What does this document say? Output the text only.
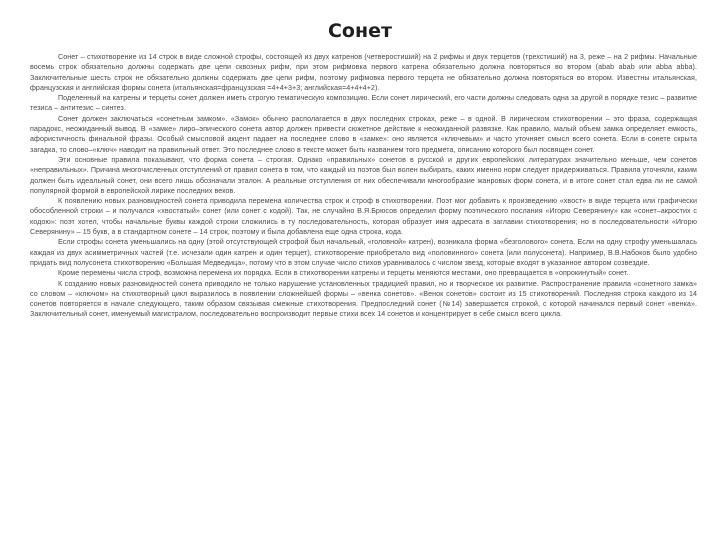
Сонет

Сонет – стихотворение из 14 строк в виде сложной строфы, состоящей из двух катренов (четверостиший) на 2 рифмы и двух терцетов (трехстиший) на 3, реже – на 2 рифмы. Начальные восемь строк обязательно должны содержать две цепи сквозных рифм, при этом рифмовка первого катрена обязательно должна повторяться во втором (abab abab или abba abba). Заключительные шесть строк не обязательно должны содержать две цепи рифм, поэтому рифмовка первого терцета не обязательно должна повторяться во втором. Известны итальянская, французская и английская формы сонета (итальянская=французская =4+4+3+3; английская=4+4+4+2).

Поделенный на катрены и терцеты сонет должен иметь строгую тематическую композицию. Если сонет лирический, его части должны следовать одна за другой в порядке тезис – развитие тезиса – антитезис – синтез.

Сонет должен заключаться «сонетным замком». «Замок» обычно располагается в двух последних строках, реже – в одной. В лирическом стихотворении – это фраза, содержащая парадокс, неожиданный вывод. В «замке» лиро–эпического сонета автор должен привести сюжетное действие к неожиданной развязке. Как правило, малый объем замка определяет емкость, афористичность финальной фразы. Особый смысловой акцент падает на последнее слово в «замке»: оно является «ключевым» и часто уточняет смысл всего сонета. Если в сонете скрыта загадка, то слово–«ключ» наводит на правильный ответ. Это последнее слово в тексте может быть названием того предмета, описанию которого был посвящен сонет.

Эти основные правила показывают, что форма сонета – строгая. Однако «правильных» сонетов в русской и других европейских литературах значительно меньше, чем сонетов «неправильных». Причина многочисленных отступлений от правил сонета в том, что каждый из поэтов был волен выбирать, каких именно норм следует придерживаться. Правила уточняли, каким должен быть идеальный сонет, они всего лишь обозначали эталон. А реальные отступления от них обеспечивали многообразие жанровых форм сонета, и в итоге сонет стал едва ли не самой популярной формой в европейской лирике последних веков.

К появлению новых разновидностей сонета приводила перемена количества строк и строф в стихотворении. Поэт мог добавить к произведению «хвост» в виде терцета или графически обособленной строки – и получался «хвостатый» сонет (или сонет с кодой). Так, не случайно В.Я.Брюсов определил форму поэтического послания «Игорю Северянину» как «сонет–акростих с кодою»: поэт хотел, чтобы начальные буквы каждой строки сложились в ту последовательность, которая образует имя адресата в заглавии стихотворения; но в последовательности «Игорю Северянину» – 15 букв, а в стандартном сонете – 14 строк, поэтому и была добавлена еще одна строка, кода.

Если строфы сонета уменьшались на одну (этой отсутствующей строфой был начальный, «головной» катрен), возникала форма «безголового» сонета. Если на одну строфу уменьшалась каждая из двух асимметричных частей (т.е. исчезали один катрен и один терцет), стихотворение приобретало вид «половинного» сонета (или полусонета). Например, В.В.Набоков было удобно придать вид полусонета стихотворению «Большая Медведица», потому что в этом случае число стихов уравнивалось с числом звезд, которые входят в указанное автором созвездие.

Кроме перемены числа строф, возможна перемена их порядка. Если в стихотворении катрены и терцеты меняются местами, оно превращается в «опрокинутый» сонет.

К созданию новых разновидностей сонета приводило не только нарушение установленных традицией правил, но и творческое их развитие. Распространение правила «сонетного замка» со словом – «ключом» на стихотворный цикл выразилось в появлении сложнейшей формы – «венка сонетов». «Венок сонетов» состоит из 15 стихотворений. Последняя строка каждого из 14 сонетов повторяется в начале следующего, таким образом связывая смежные стихотворения. Предпоследний сонет (№14) завершается строкой, с которой начинался первый сонет «венка». Заключительный сонет, именуемый магистралом, последовательно воспроизводит первые стихи всех 14 сонетов и концентрирует в себе смысл всего цикла.
